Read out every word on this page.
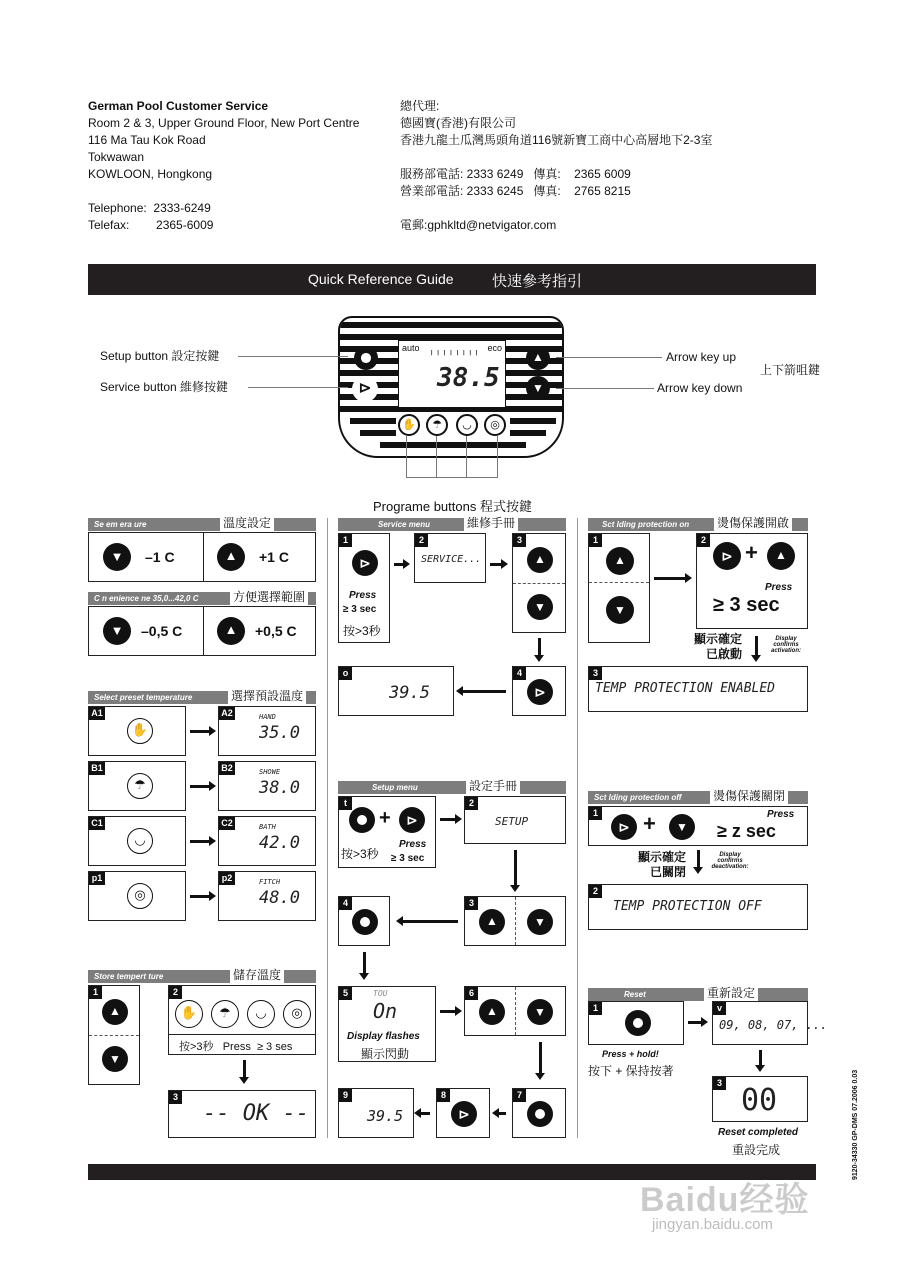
German Pool Customer Service
Room 2 & 3, Upper Ground Floor, New Port Centre
116 Ma Tau Kok Road
Tokwawan
KOWLOON, Hongkong
Telephone: 2333-6249
Telefax: 2365-6009
總代理:
德國寶(香港)有限公司
香港九龍土瓜灣馬頭角道116號新寶工商中心高層地下2-3室
服務部電話: 2333 6249   傳真:    2365 6009
營業部電話: 2333 6245   傳真:    2765 8215
電郵:gphkltd@netvigator.com
Quick Reference Guide	快速參考指引
auto	eco
╷╷╷╷╷╷╷╷
38.5
⊳
▲
▼
✋	☂	◡	◎
Setup button 設定按鍵
Service button 維修按鍵
Arrow key up
Arrow key down
上下箭咀鍵
Programe buttons 程式按鍵
Se em era ure	溫度設定
▼	–1 C	▲	+1 C
C n enience ne 35,0...42,0 C	方便選擇範圍
▼	–0,5 C	▲	+0,5 C
Select preset temperature	選擇預設溫度
A1
✋
A2	HAND
35.0
B1
☂
B2	SHOWE
38.0
C1
◡
C2	BATH
42.0
p1
◎
p2	FITCH
48.0
Store tempert ture	儲存溫度
1
▲
▼
2
✋	☂	◡	◎
按>3秒   Press  ≥ 3 ses
3
-- OK --
Service menu	維修手冊
1
⊳
Press
≥ 3 sec
按>3秒
2
SERVICE...
3
▲
▼
4
⊳
o
39.5
Setup menu	設定手冊
t
+	⊳
按>3秒
Press
≥ 3 sec
2
SETUP
3
▲	▼
4
5	TOU
On
Display flashes
顯示閃動
6
▲	▼
7
8
⊳
9
39.5
Sct lding protection on 燙傷保護開啟
1
▲
▼
2
⊳ +	▲
Press
≥ 3 sec
顯示確定
已啟動
Display confirms activation:
3
TEMP PROTECTION ENABLED
Sct lding protection off	燙傷保護關閉
1
⊳ +	▼
Press
≥ z sec
顯示確定
已關閉
Display confirms deactivation:
2
TEMP PROTECTION OFF
Reset	重新設定
1
Press + hold!
按下 + 保持按著
v
09, 08, 07, ...
3 00
Reset completed
重設完成	9120-34330 GP-DMS 07.2006 0.03
Baidu经验
jingyan.baidu.com
